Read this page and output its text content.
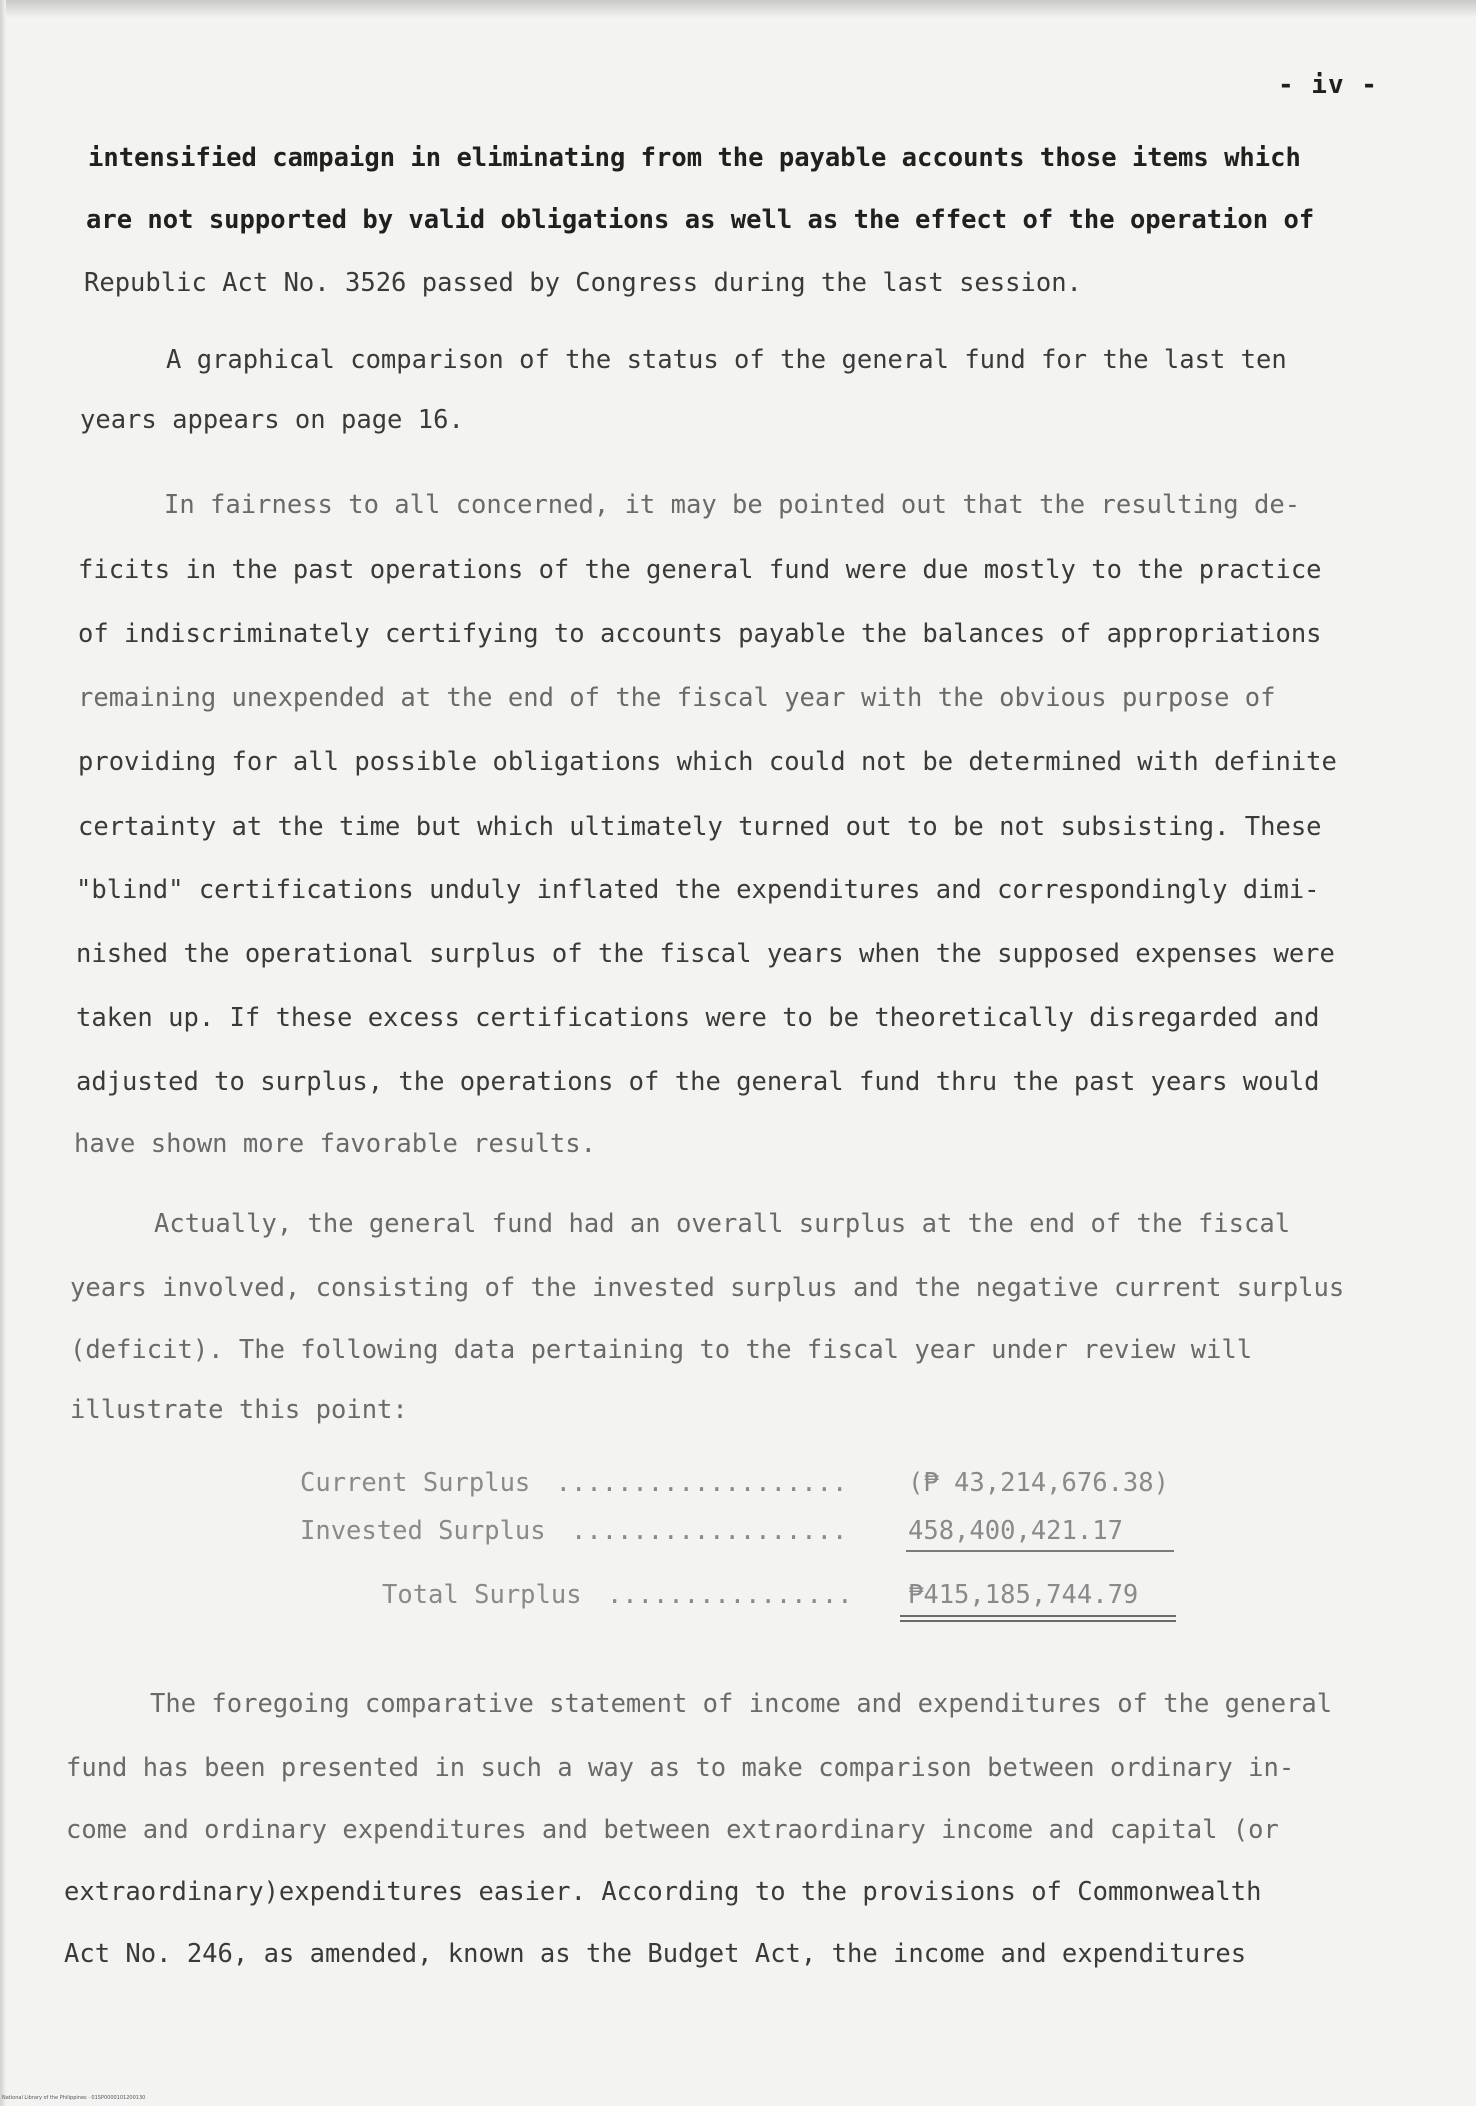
- iv -
intensified campaign in eliminating from the payable accounts those items which
are not supported by valid obligations as well as the effect of the operation of
Republic Act No. 3526 passed by Congress during the last session.
A graphical comparison of the status of the general fund for the last ten
years appears on page 16.
In fairness to all concerned, it may be pointed out that the resulting de-
ficits in the past operations of the general fund were due mostly to the practice
of indiscriminately certifying to accounts payable the balances of appropriations
remaining unexpended at the end of the fiscal year with the obvious purpose of
providing for all possible obligations which could not be determined with definite
certainty at the time but which ultimately turned out to be not subsisting. These
"blind" certifications unduly inflated the expenditures and correspondingly dimi-
nished the operational surplus of the fiscal years when the supposed expenses were
taken up. If these excess certifications were to be theoretically disregarded and
adjusted to surplus, the operations of the general fund thru the past years would
have shown more favorable results.
Actually, the general fund had an overall surplus at the end of the fiscal
years involved, consisting of the invested surplus and the negative current surplus
(deficit). The following data pertaining to the fiscal year under review will
illustrate this point:
Current Surplus ................... (₱ 43,214,676.38)
Invested Surplus .................. 458,400,421.17
Total Surplus ................ ₱415,185,744.79
The foregoing comparative statement of income and expenditures of the general
fund has been presented in such a way as to make comparison between ordinary in-
come and ordinary expenditures and between extraordinary income and capital (or
extraordinary)expenditures easier. According to the provisions of Commonwealth
Act No. 246, as amended, known as the Budget Act, the income and expenditures
National Library of the Philippines · 01SP0000101200130
